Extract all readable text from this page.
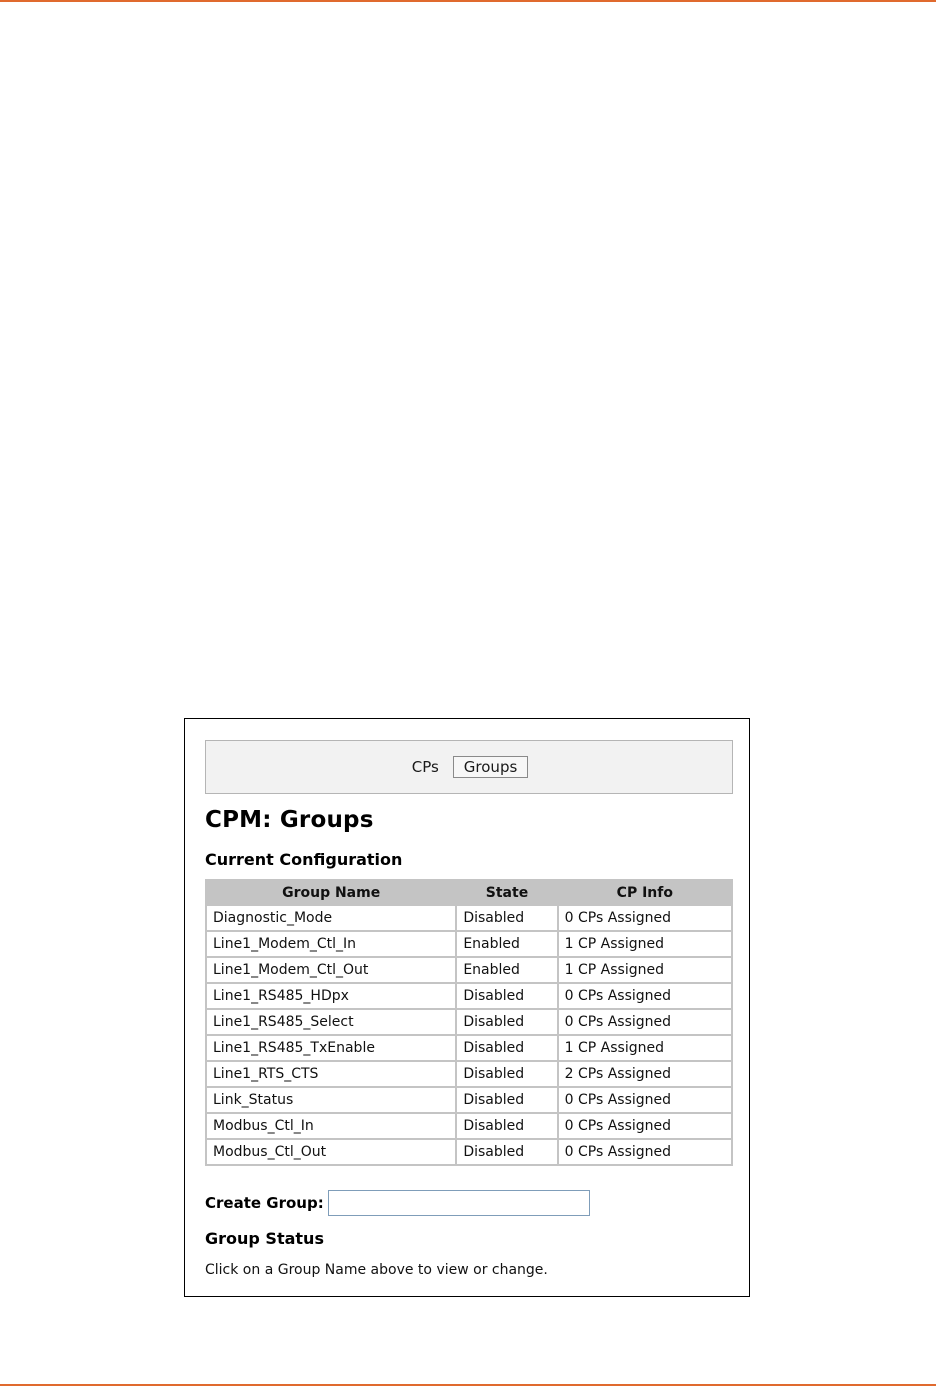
CPs	Groups
CPM: Groups
Current Configuration
Group Name	State	CP Info
Diagnostic_Mode	Disabled	0 CPs Assigned
Line1_Modem_Ctl_In	Enabled	1 CP Assigned
Line1_Modem_Ctl_Out	Enabled	1 CP Assigned
Line1_RS485_HDpx	Disabled	0 CPs Assigned
Line1_RS485_Select	Disabled	0 CPs Assigned
Line1_RS485_TxEnable	Disabled	1 CP Assigned
Line1_RTS_CTS	Disabled	2 CPs Assigned
Link_Status	Disabled	0 CPs Assigned
Modbus_Ctl_In	Disabled	0 CPs Assigned
Modbus_Ctl_Out	Disabled	0 CPs Assigned
Create Group:
Group Status

Click on a Group Name above to view or change.
